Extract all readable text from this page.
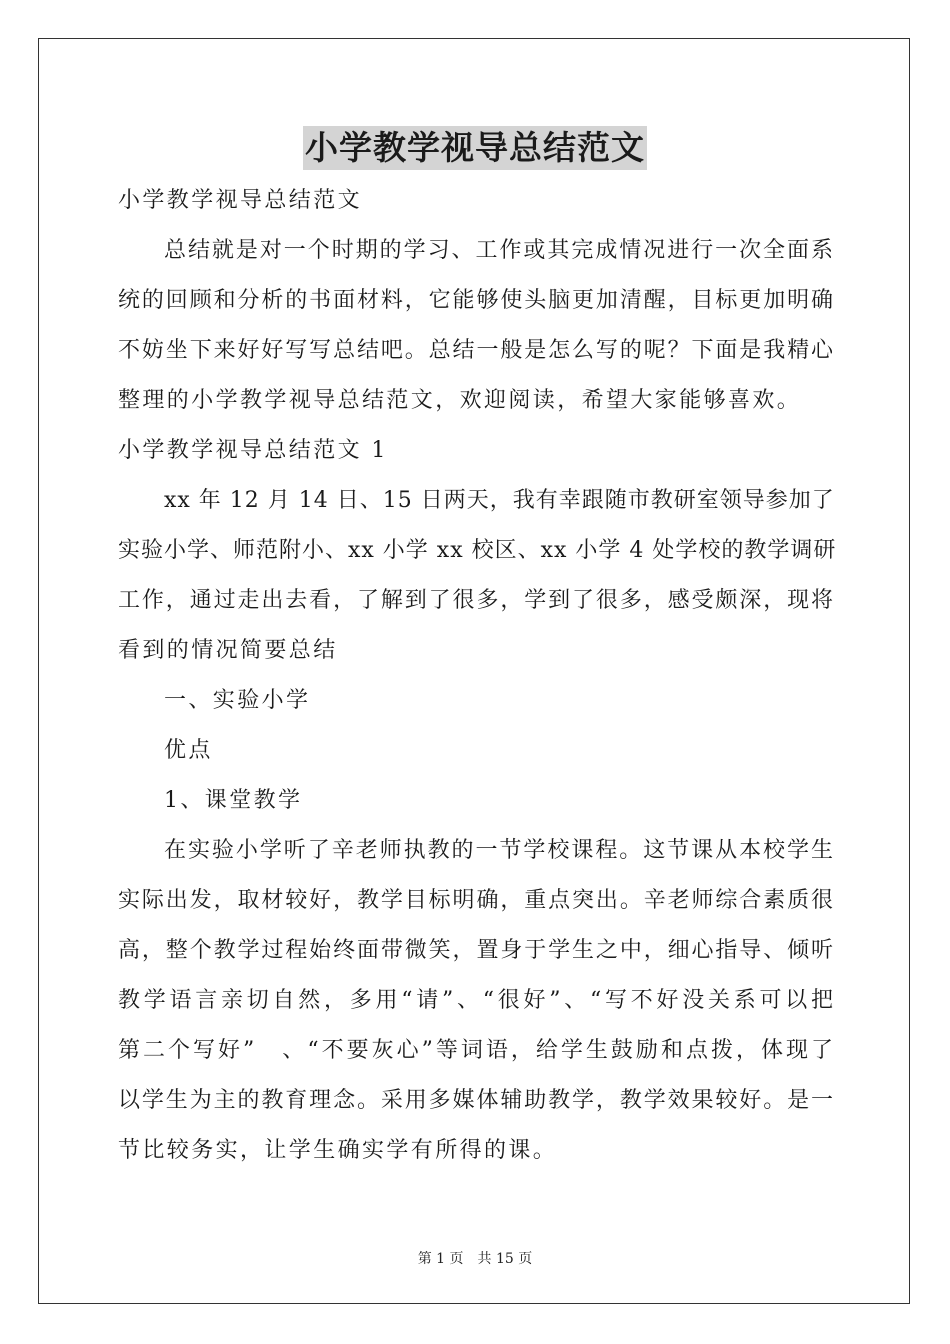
小学教学视导总结范文
小学教学视导总结范文
总结就是对一个时期的学习、工作或其完成情况进行一次全面系
统的回顾和分析的书面材料，它能够使头脑更加清醒，目标更加明确
不妨坐下来好好写写总结吧。总结一般是怎么写的呢？下面是我精心
整理的小学教学视导总结范文，欢迎阅读，希望大家能够喜欢。
小学教学视导总结范文 1
xx 年 12 月 14 日、15 日两天，我有幸跟随市教研室领导参加了
实验小学、师范附小、xx 小学 xx 校区、xx 小学 4 处学校的教学调研
工作，通过走出去看，了解到了很多，学到了很多，感受颇深，现将
看到的情况简要总结
一、实验小学
优点
1、课堂教学
在实验小学听了辛老师执教的一节学校课程。这节课从本校学生
实际出发，取材较好，教学目标明确，重点突出。辛老师综合素质很
高，整个教学过程始终面带微笑，置身于学生之中，细心指导、倾听
教学语言亲切自然，多用“请”、“很好”、“写不好没关系可以把
第二个写好”　、“不要灰心”等词语，给学生鼓励和点拨，体现了
以学生为主的教育理念。采用多媒体辅助教学，教学效果较好。是一
节比较务实，让学生确实学有所得的课。
第 1 页　共 15 页
